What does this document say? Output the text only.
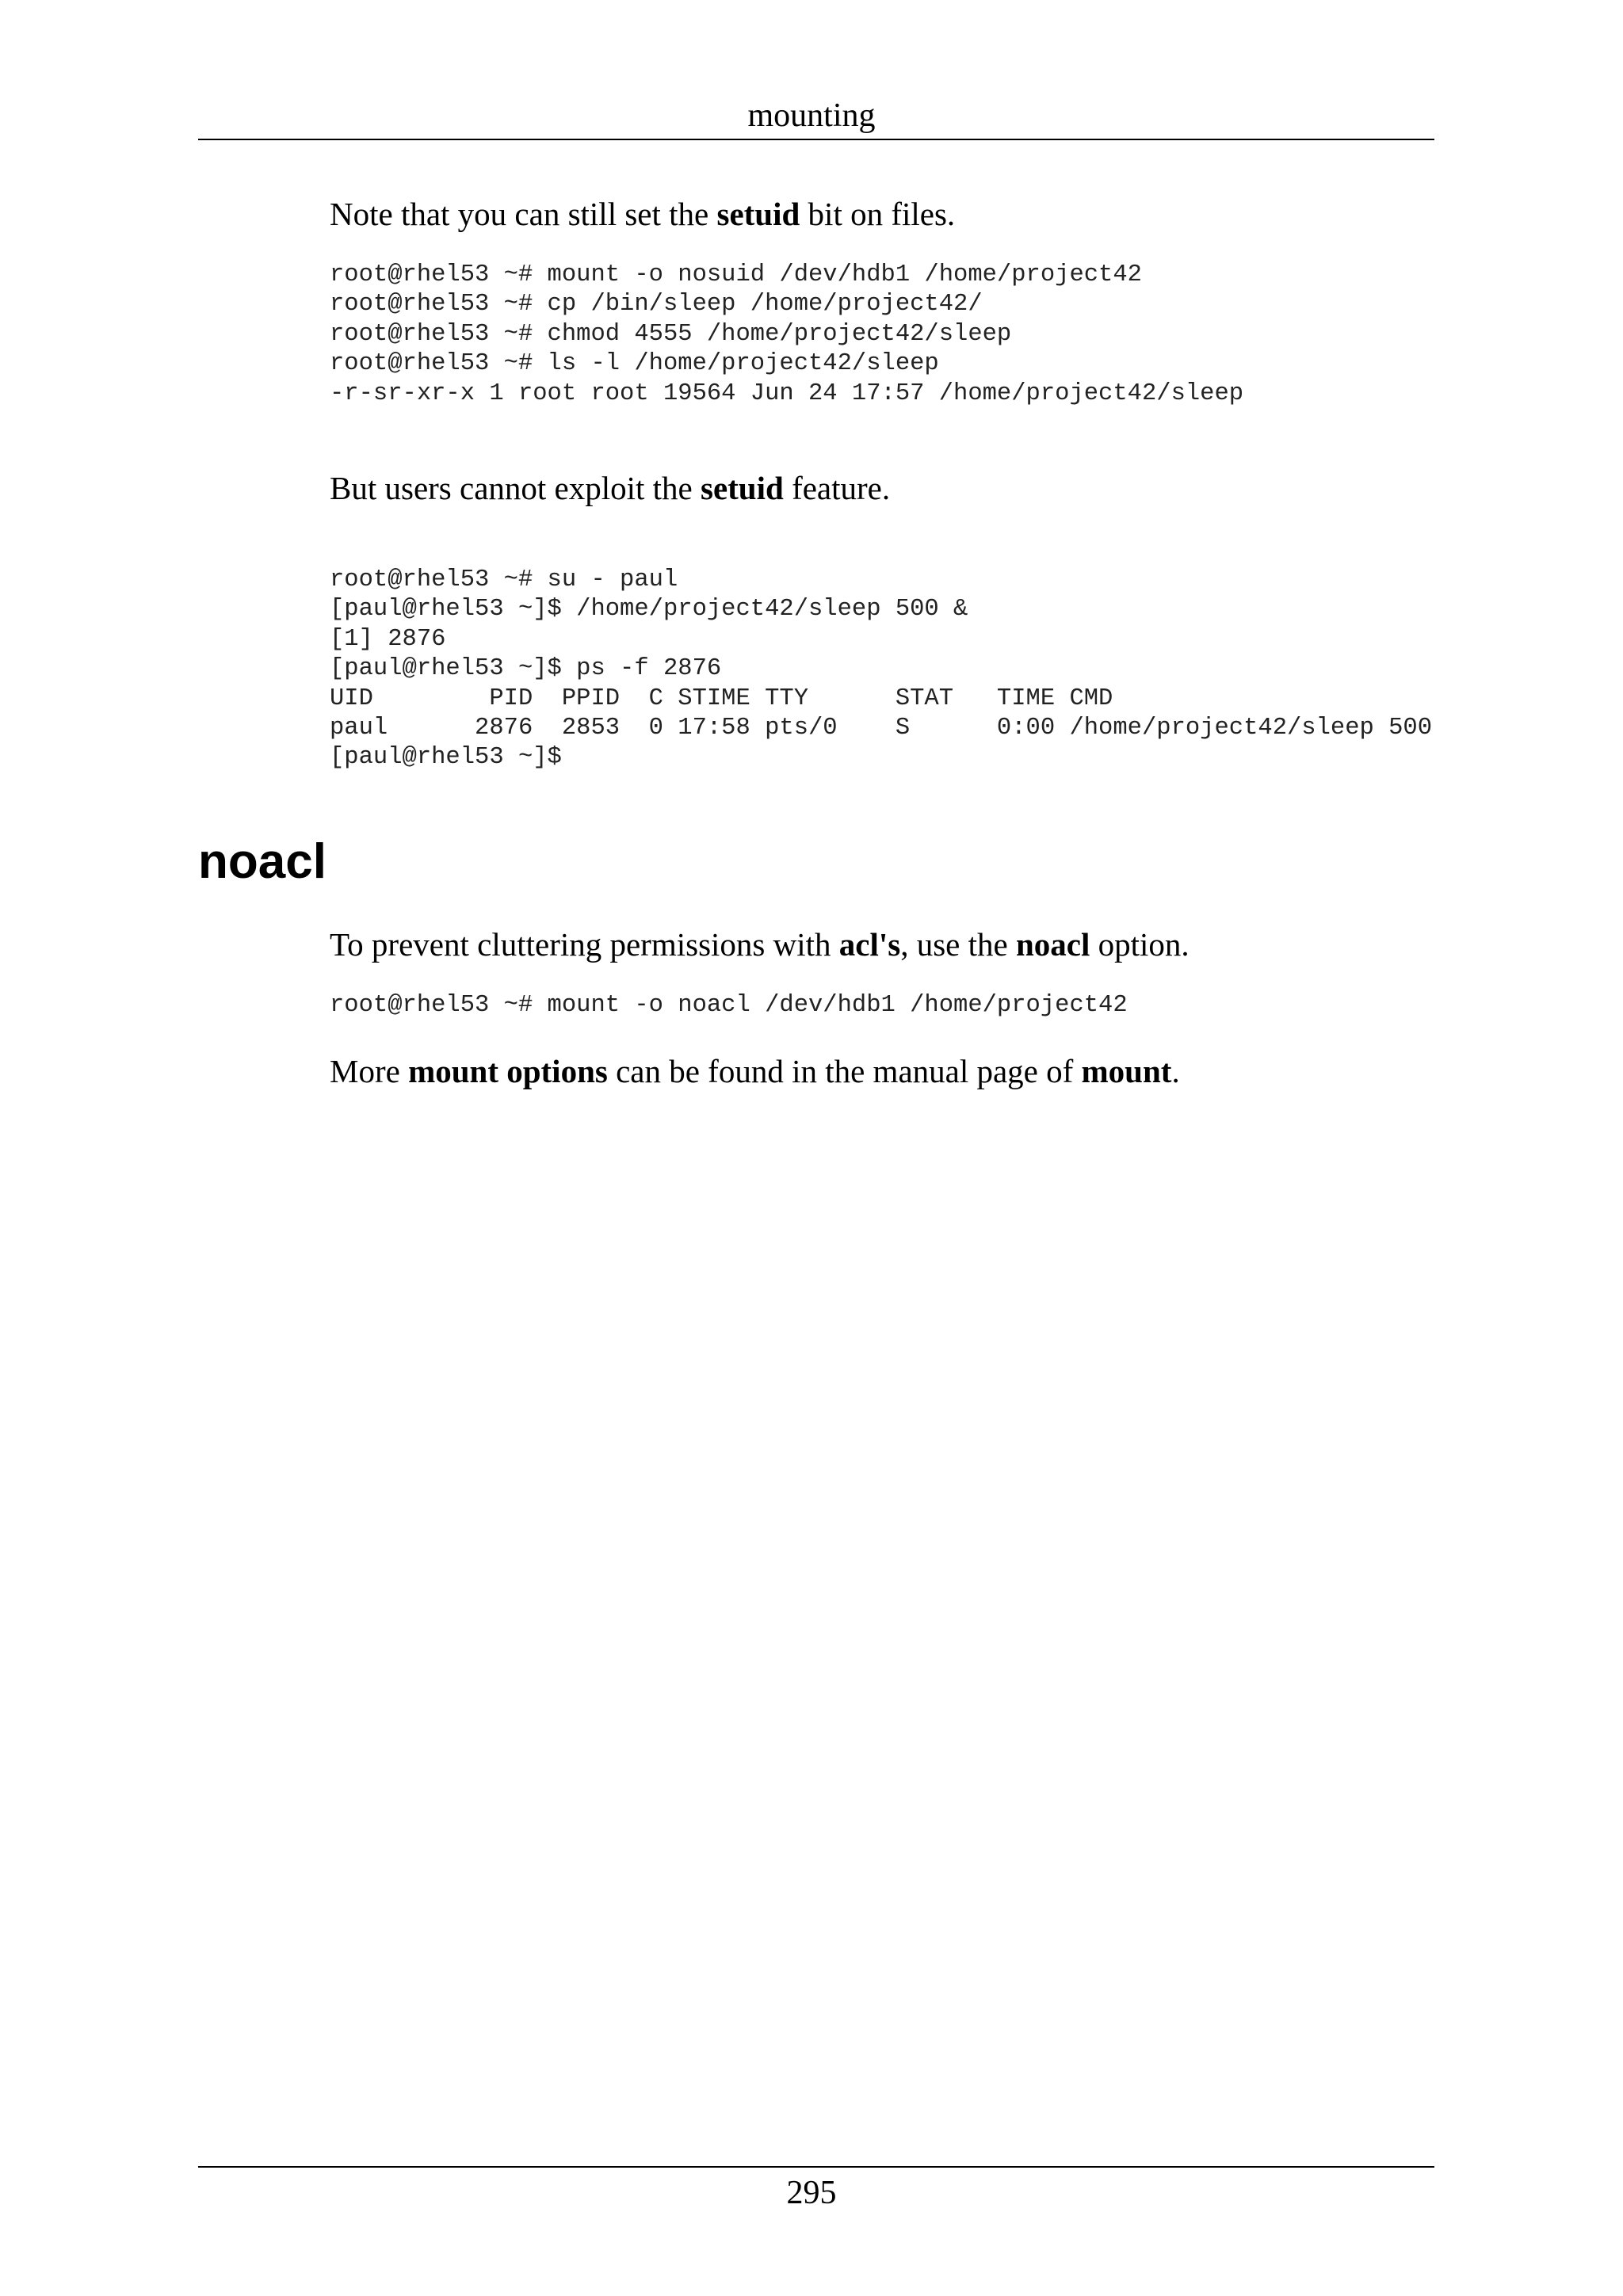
mounting

Note that you can still set the setuid bit on files.

root@rhel53 ~# mount -o nosuid /dev/hdb1 /home/project42
root@rhel53 ~# cp /bin/sleep /home/project42/
root@rhel53 ~# chmod 4555 /home/project42/sleep
root@rhel53 ~# ls -l /home/project42/sleep
-r-sr-xr-x 1 root root 19564 Jun 24 17:57 /home/project42/sleep

But users cannot exploit the setuid feature.

root@rhel53 ~# su - paul
[paul@rhel53 ~]$ /home/project42/sleep 500 &
[1] 2876
[paul@rhel53 ~]$ ps -f 2876
UID        PID  PPID  C STIME TTY      STAT   TIME CMD
paul      2876  2853  0 17:58 pts/0    S      0:00 /home/project42/sleep 500
[paul@rhel53 ~]$
noacl

To prevent cluttering permissions with acl's, use the noacl option.

root@rhel53 ~# mount -o noacl /dev/hdb1 /home/project42

More mount options can be found in the manual page of mount.

295
